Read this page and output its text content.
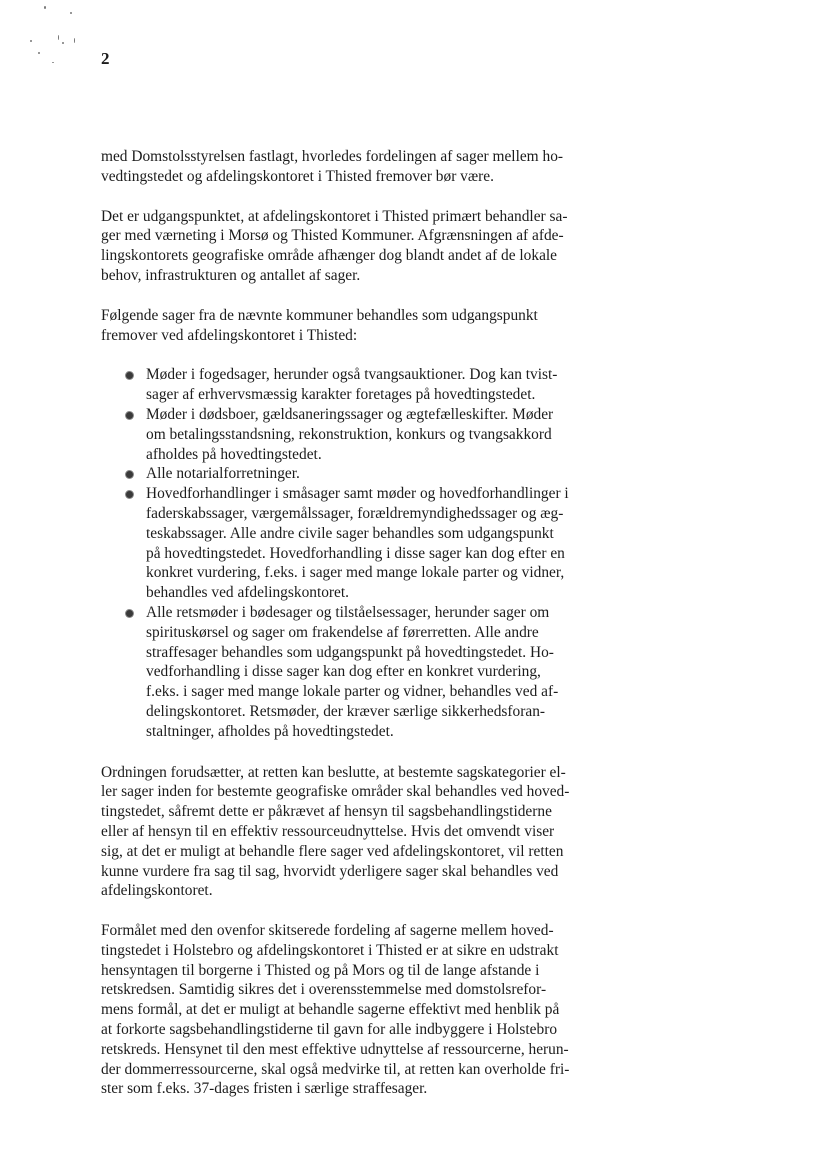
2

med Domstolsstyrelsen fastlagt, hvorledes fordelingen af sager mellem ho-
vedtingstedet og afdelingskontoret i Thisted fremover bør være.

Det er udgangspunktet, at afdelingskontoret i Thisted primært behandler sa-
ger med værneting i Morsø og Thisted Kommuner. Afgrænsningen af afde-
lingskontorets geografiske område afhænger dog blandt andet af de lokale
behov, infrastrukturen og antallet af sager.

Følgende sager fra de nævnte kommuner behandles som udgangspunkt
fremover ved afdelingskontoret i Thisted:

Møder i fogedsager, herunder også tvangsauktioner. Dog kan tvist-
sager af erhvervsmæssig karakter foretages på hovedtingstedet.
Møder i dødsboer, gældsaneringssager og ægtefælleskifter. Møder
om betalingsstandsning, rekonstruktion, konkurs og tvangsakkord
afholdes på hovedtingstedet.
Alle notarialforretninger.
Hovedforhandlinger i småsager samt møder og hovedforhandlinger i
faderskabssager, værgemålssager, forældremyndighedssager og æg-
teskabssager. Alle andre civile sager behandles som udgangspunkt
på hovedtingstedet. Hovedforhandling i disse sager kan dog efter en
konkret vurdering, f.eks. i sager med mange lokale parter og vidner,
behandles ved afdelingskontoret.
Alle retsmøder i bødesager og tilståelsessager, herunder sager om
spirituskørsel og sager om frakendelse af førerretten. Alle andre
straffesager behandles som udgangspunkt på hovedtingstedet. Ho-
vedforhandling i disse sager kan dog efter en konkret vurdering,
f.eks. i sager med mange lokale parter og vidner, behandles ved af-
delingskontoret. Retsmøder, der kræver særlige sikkerhedsforan-
staltninger, afholdes på hovedtingstedet.

Ordningen forudsætter, at retten kan beslutte, at bestemte sagskategorier el-
ler sager inden for bestemte geografiske områder skal behandles ved hoved-
tingstedet, såfremt dette er påkrævet af hensyn til sagsbehandlingstiderne
eller af hensyn til en effektiv ressourceudnyttelse. Hvis det omvendt viser
sig, at det er muligt at behandle flere sager ved afdelingskontoret, vil retten
kunne vurdere fra sag til sag, hvorvidt yderligere sager skal behandles ved
afdelingskontoret.

Formålet med den ovenfor skitserede fordeling af sagerne mellem hoved-
tingstedet i Holstebro og afdelingskontoret i Thisted er at sikre en udstrakt
hensyntagen til borgerne i Thisted og på Mors og til de lange afstande i
retskredsen. Samtidig sikres det i overensstemmelse med domstolsrefor-
mens formål, at det er muligt at behandle sagerne effektivt med henblik på
at forkorte sagsbehandlingstiderne til gavn for alle indbyggere i Holstebro
retskreds. Hensynet til den mest effektive udnyttelse af ressourcerne, herun-
der dommerressourcerne, skal også medvirke til, at retten kan overholde fri-
ster som f.eks. 37-dages fristen i særlige straffesager.
